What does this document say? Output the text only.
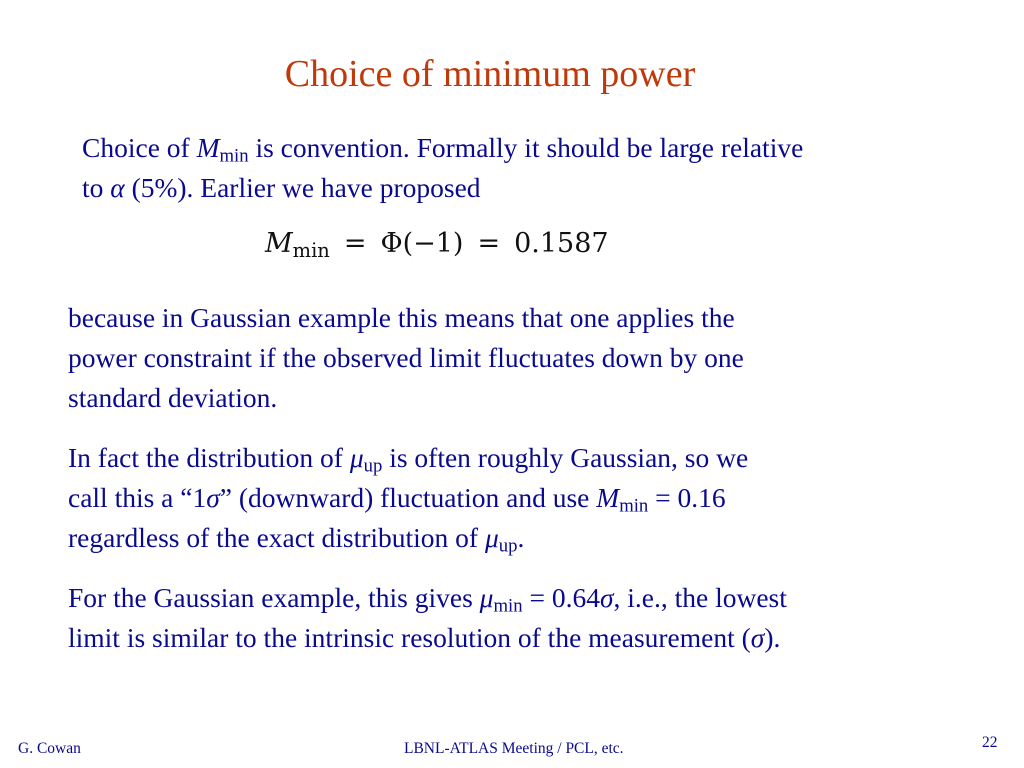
Choice of minimum power

Choice of $M_{min}$ is convention. Formally it should be large relative
to α (5%). Earlier we have proposed

$M_{min} = \Phi(-1) = 0.1587$

because in Gaussian example this means that one applies the
power constraint if the observed limit fluctuates down by one
standard deviation.

In fact the distribution of $\mu_{up}$ is often roughly Gaussian, so we
call this a “1σ” (downward) fluctuation and use $M_{min} = 0.16$
regardless of the exact distribution of $\mu_{up}$.

For the Gaussian example, this gives $\mu_{min} = 0.64\sigma$, i.e., the lowest
limit is similar to the intrinsic resolution of the measurement (σ).

G. Cowan	LBNL-ATLAS Meeting / PCL, etc.	22
